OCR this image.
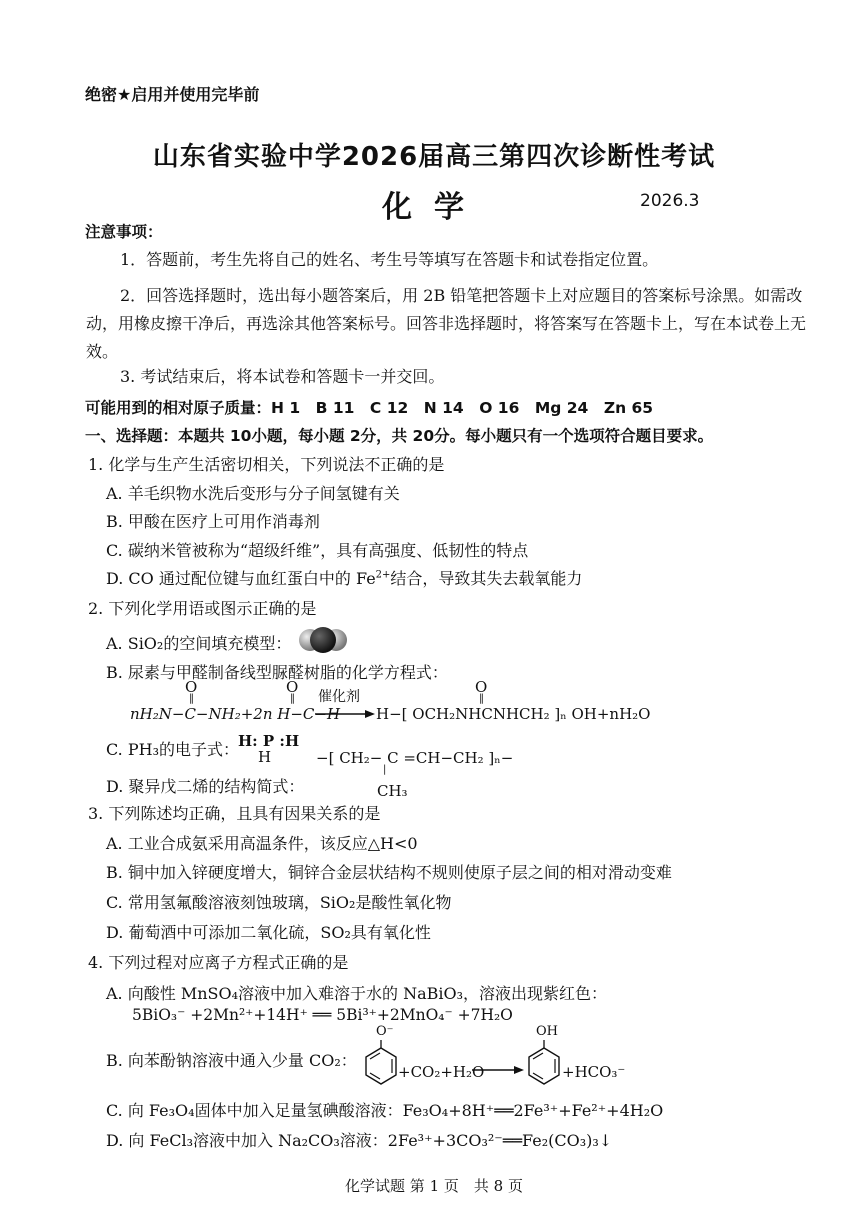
绝密★启用并使用完毕前
山东省实验中学2026届高三第四次诊断性考试
化学	2026.3
注意事项：
1．答题前，考生先将自己的姓名、考生号等填写在答题卡和试卷指定位置。
2．回答选择题时，选出每小题答案后，用 2B 铅笔把答题卡上对应题目的答案标号涂黑。如需改动，用橡皮擦干净后，再选涂其他答案标号。回答非选择题时，将答案写在答题卡上，写在本试卷上无效。
3. 考试结束后，将本试卷和答题卡一并交回。
可能用到的相对原子质量：H 1　B 11　C 12　N 14　O 16　Mg 24　Zn 65
一、选择题：本题共 10小题，每小题 2分，共 20分。每小题只有一个选项符合题目要求。
1. 化学与生产生活密切相关，下列说法不正确的是
A. 羊毛织物水洗后变形与分子间氢键有关
B. 甲酸在医疗上可用作消毒剂
C. 碳纳米管被称为“超级纤维”，具有高强度、低韧性的特点
D. CO 通过配位键与血红蛋白中的 $Fe^{2+}$结合，导致其失去载氧能力
2. 下列化学用语或图示正确的是
A. SiO₂的空间填充模型：
B. 尿素与甲醛制备线型脲醛树脂的化学方程式：
O
‖
O
‖
O
‖
催化剂
nH₂N−C−NH₂+2n H−C−H → H−[ OCH₂NHCNHCH₂ ]ₙ OH+nH₂O
C. PH₃的电子式： H: P :H
H	−[ CH₂− C =CH−CH₂ ]ₙ−
|
CH₃
D. 聚异戊二烯的结构简式：
3. 下列陈述均正确，且具有因果关系的是
A. 工业合成氨采用高温条件，该反应△H<0
B. 铜中加入锌硬度增大，铜锌合金层状结构不规则使原子层之间的相对滑动变难
C. 常用氢氟酸溶液刻蚀玻璃，SiO₂是酸性氧化物
D. 葡萄酒中可添加二氧化硫，SO₂具有氧化性
4. 下列过程对应离子方程式正确的是
A. 向酸性 MnSO₄溶液中加入难溶于水的 NaBiO₃，溶液出现紫红色：
5BiO₃⁻ +2Mn²⁺+14H⁺ ══ 5Bi³⁺+2MnO₄⁻ +7H₂O
B. 向苯酚钠溶液中通入少量 CO₂：
O⁻
+CO₂+H₂O
OH
+HCO₃⁻
C. 向 Fe₃O₄固体中加入足量氢碘酸溶液：Fe₃O₄+8H⁺══2Fe³⁺+Fe²⁺+4H₂O
D. 向 FeCl₃溶液中加入 Na₂CO₃溶液：2Fe³⁺+3CO₃²⁻══Fe₂(CO₃)₃↓
化学试题 第 1 页　共 8 页
